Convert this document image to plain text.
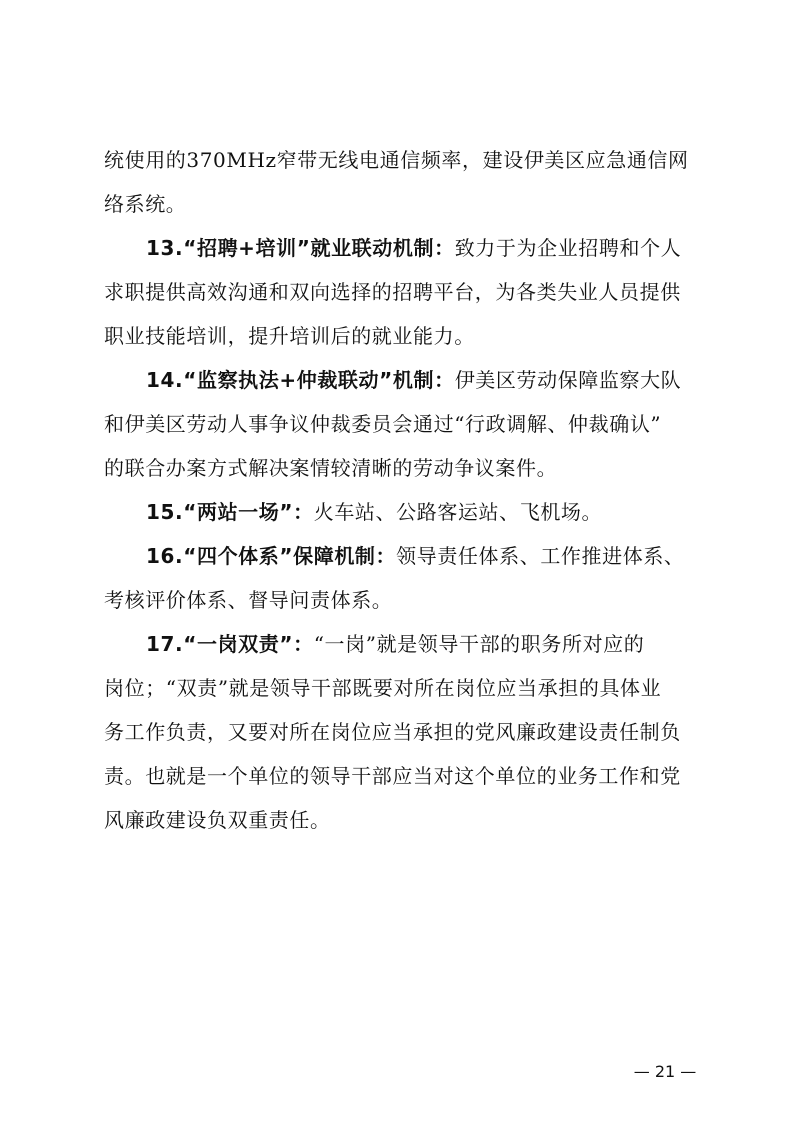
统使用的370MHz窄带无线电通信频率，建设伊美区应急通信网
络系统。
13.“招聘+培训”就业联动机制：致力于为企业招聘和个人
求职提供高效沟通和双向选择的招聘平台，为各类失业人员提供
职业技能培训，提升培训后的就业能力。
14.“监察执法+仲裁联动”机制：伊美区劳动保障监察大队
和伊美区劳动人事争议仲裁委员会通过“行政调解、仲裁确认”
的联合办案方式解决案情较清晰的劳动争议案件。
15.“两站一场”：火车站、公路客运站、飞机场。
16.“四个体系”保障机制：领导责任体系、工作推进体系、
考核评价体系、督导问责体系。
17.“一岗双责”：“一岗”就是领导干部的职务所对应的
岗位；“双责”就是领导干部既要对所在岗位应当承担的具体业
务工作负责，又要对所在岗位应当承担的党风廉政建设责任制负
责。也就是一个单位的领导干部应当对这个单位的业务工作和党
风廉政建设负双重责任。
— 21 —
